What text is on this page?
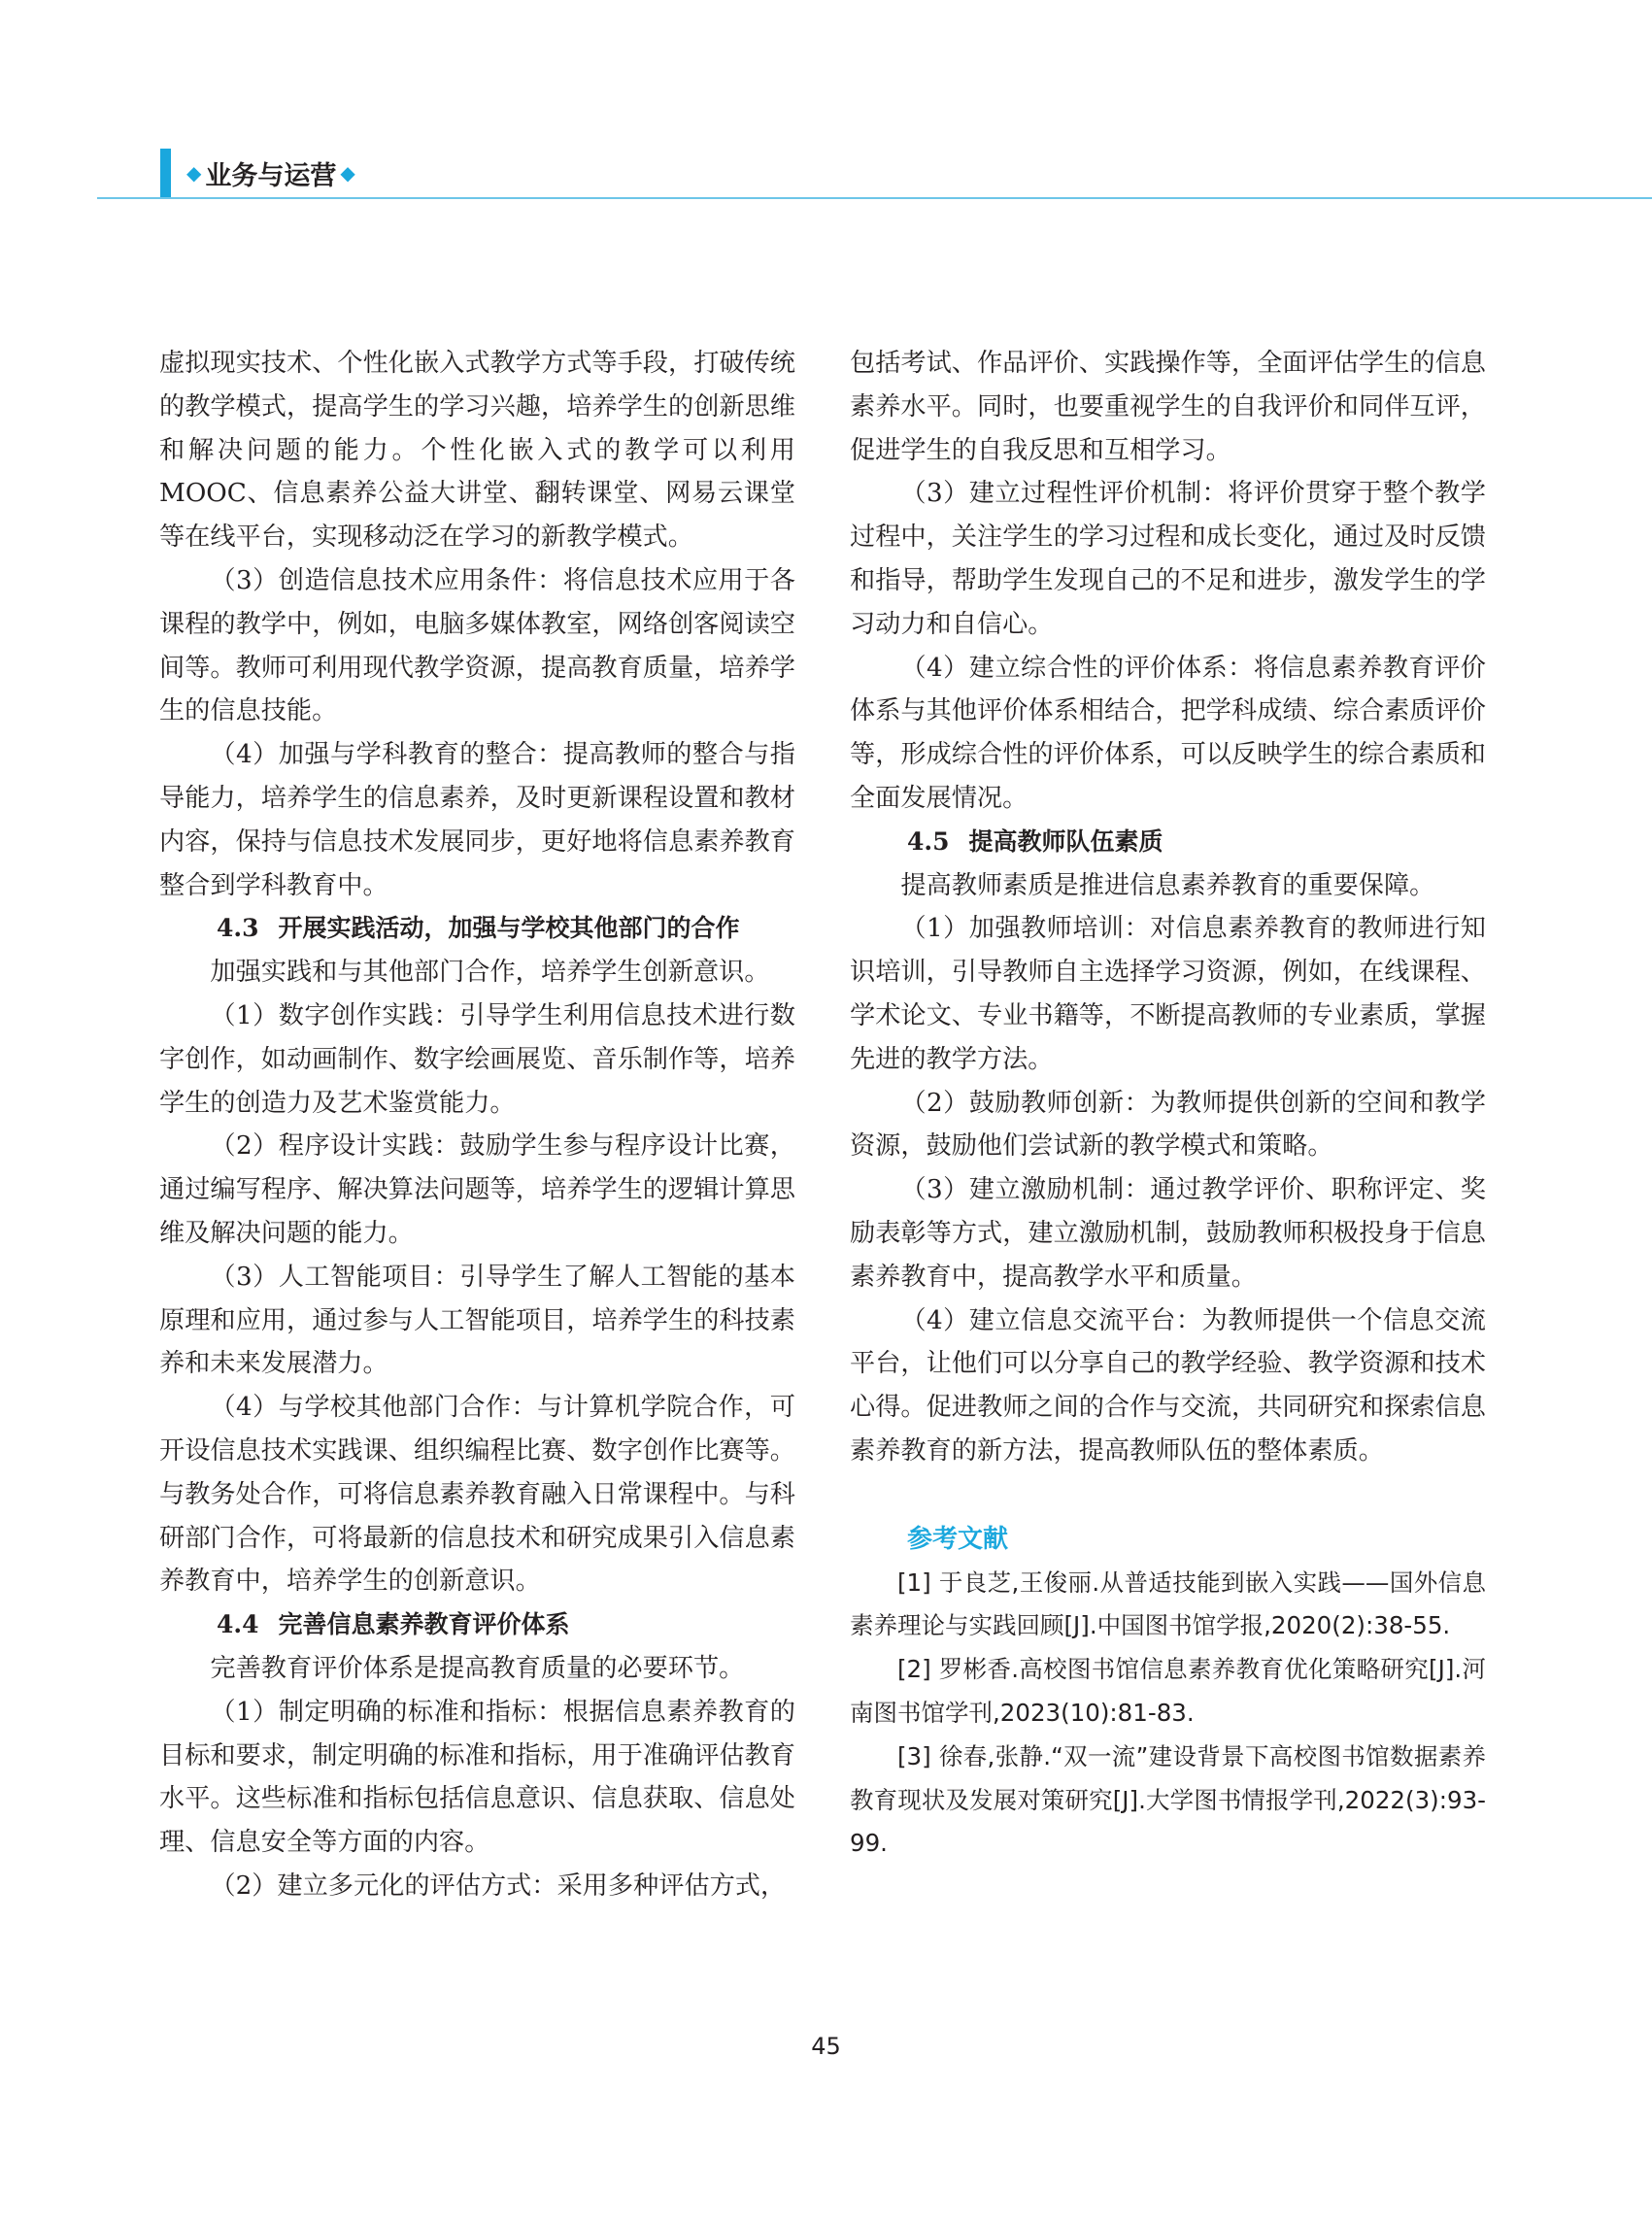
◆ 业务与运营 ◆

虚拟现实技术、个性化嵌入式教学方式等手段，打破传统的教学模式，提高学生的学习兴趣，培养学生的创新思维和解决问题的能力。个性化嵌入式的教学可以利用MOOC、信息素养公益大讲堂、翻转课堂、网易云课堂等在线平台，实现移动泛在学习的新教学模式。

（3）创造信息技术应用条件：将信息技术应用于各课程的教学中，例如，电脑多媒体教室，网络创客阅读空间等。教师可利用现代教学资源，提高教育质量，培养学生的信息技能。

（4）加强与学科教育的整合：提高教师的整合与指导能力，培养学生的信息素养，及时更新课程设置和教材内容，保持与信息技术发展同步，更好地将信息素养教育整合到学科教育中。

4.3 开展实践活动，加强与学校其他部门的合作

加强实践和与其他部门合作，培养学生创新意识。

（1）数字创作实践：引导学生利用信息技术进行数字创作，如动画制作、数字绘画展览、音乐制作等，培养学生的创造力及艺术鉴赏能力。

（2）程序设计实践：鼓励学生参与程序设计比赛，通过编写程序、解决算法问题等，培养学生的逻辑计算思维及解决问题的能力。

（3）人工智能项目：引导学生了解人工智能的基本原理和应用，通过参与人工智能项目，培养学生的科技素养和未来发展潜力。

（4）与学校其他部门合作：与计算机学院合作，可开设信息技术实践课、组织编程比赛、数字创作比赛等。与教务处合作，可将信息素养教育融入日常课程中。与科研部门合作，可将最新的信息技术和研究成果引入信息素养教育中，培养学生的创新意识。

4.4 完善信息素养教育评价体系

完善教育评价体系是提高教育质量的必要环节。

（1）制定明确的标准和指标：根据信息素养教育的目标和要求，制定明确的标准和指标，用于准确评估教育水平。这些标准和指标包括信息意识、信息获取、信息处理、信息安全等方面的内容。

（2）建立多元化的评估方式：采用多种评估方式，

包括考试、作品评价、实践操作等，全面评估学生的信息素养水平。同时，也要重视学生的自我评价和同伴互评，促进学生的自我反思和互相学习。

（3）建立过程性评价机制：将评价贯穿于整个教学过程中，关注学生的学习过程和成长变化，通过及时反馈和指导，帮助学生发现自己的不足和进步，激发学生的学习动力和自信心。

（4）建立综合性的评价体系：将信息素养教育评价体系与其他评价体系相结合，把学科成绩、综合素质评价等，形成综合性的评价体系，可以反映学生的综合素质和全面发展情况。

4.5 提高教师队伍素质

提高教师素质是推进信息素养教育的重要保障。

（1）加强教师培训：对信息素养教育的教师进行知识培训，引导教师自主选择学习资源，例如，在线课程、学术论文、专业书籍等，不断提高教师的专业素质，掌握先进的教学方法。

（2）鼓励教师创新：为教师提供创新的空间和教学资源，鼓励他们尝试新的教学模式和策略。

（3）建立激励机制：通过教学评价、职称评定、奖励表彰等方式，建立激励机制，鼓励教师积极投身于信息素养教育中，提高教学水平和质量。

（4）建立信息交流平台：为教师提供一个信息交流平台，让他们可以分享自己的教学经验、教学资源和技术心得。促进教师之间的合作与交流，共同研究和探索信息素养教育的新方法，提高教师队伍的整体素质。

参考文献

[1] 于良芝,王俊丽.从普适技能到嵌入实践——国外信息素养理论与实践回顾[J].中国图书馆学报,2020(2):38-55.

[2] 罗彬香.高校图书馆信息素养教育优化策略研究[J].河南图书馆学刊,2023(10):81-83.

[3] 徐春,张静.“双一流”建设背景下高校图书馆数据素养教育现状及发展对策研究[J].大学图书情报学刊,2022(3):93-99.

45
